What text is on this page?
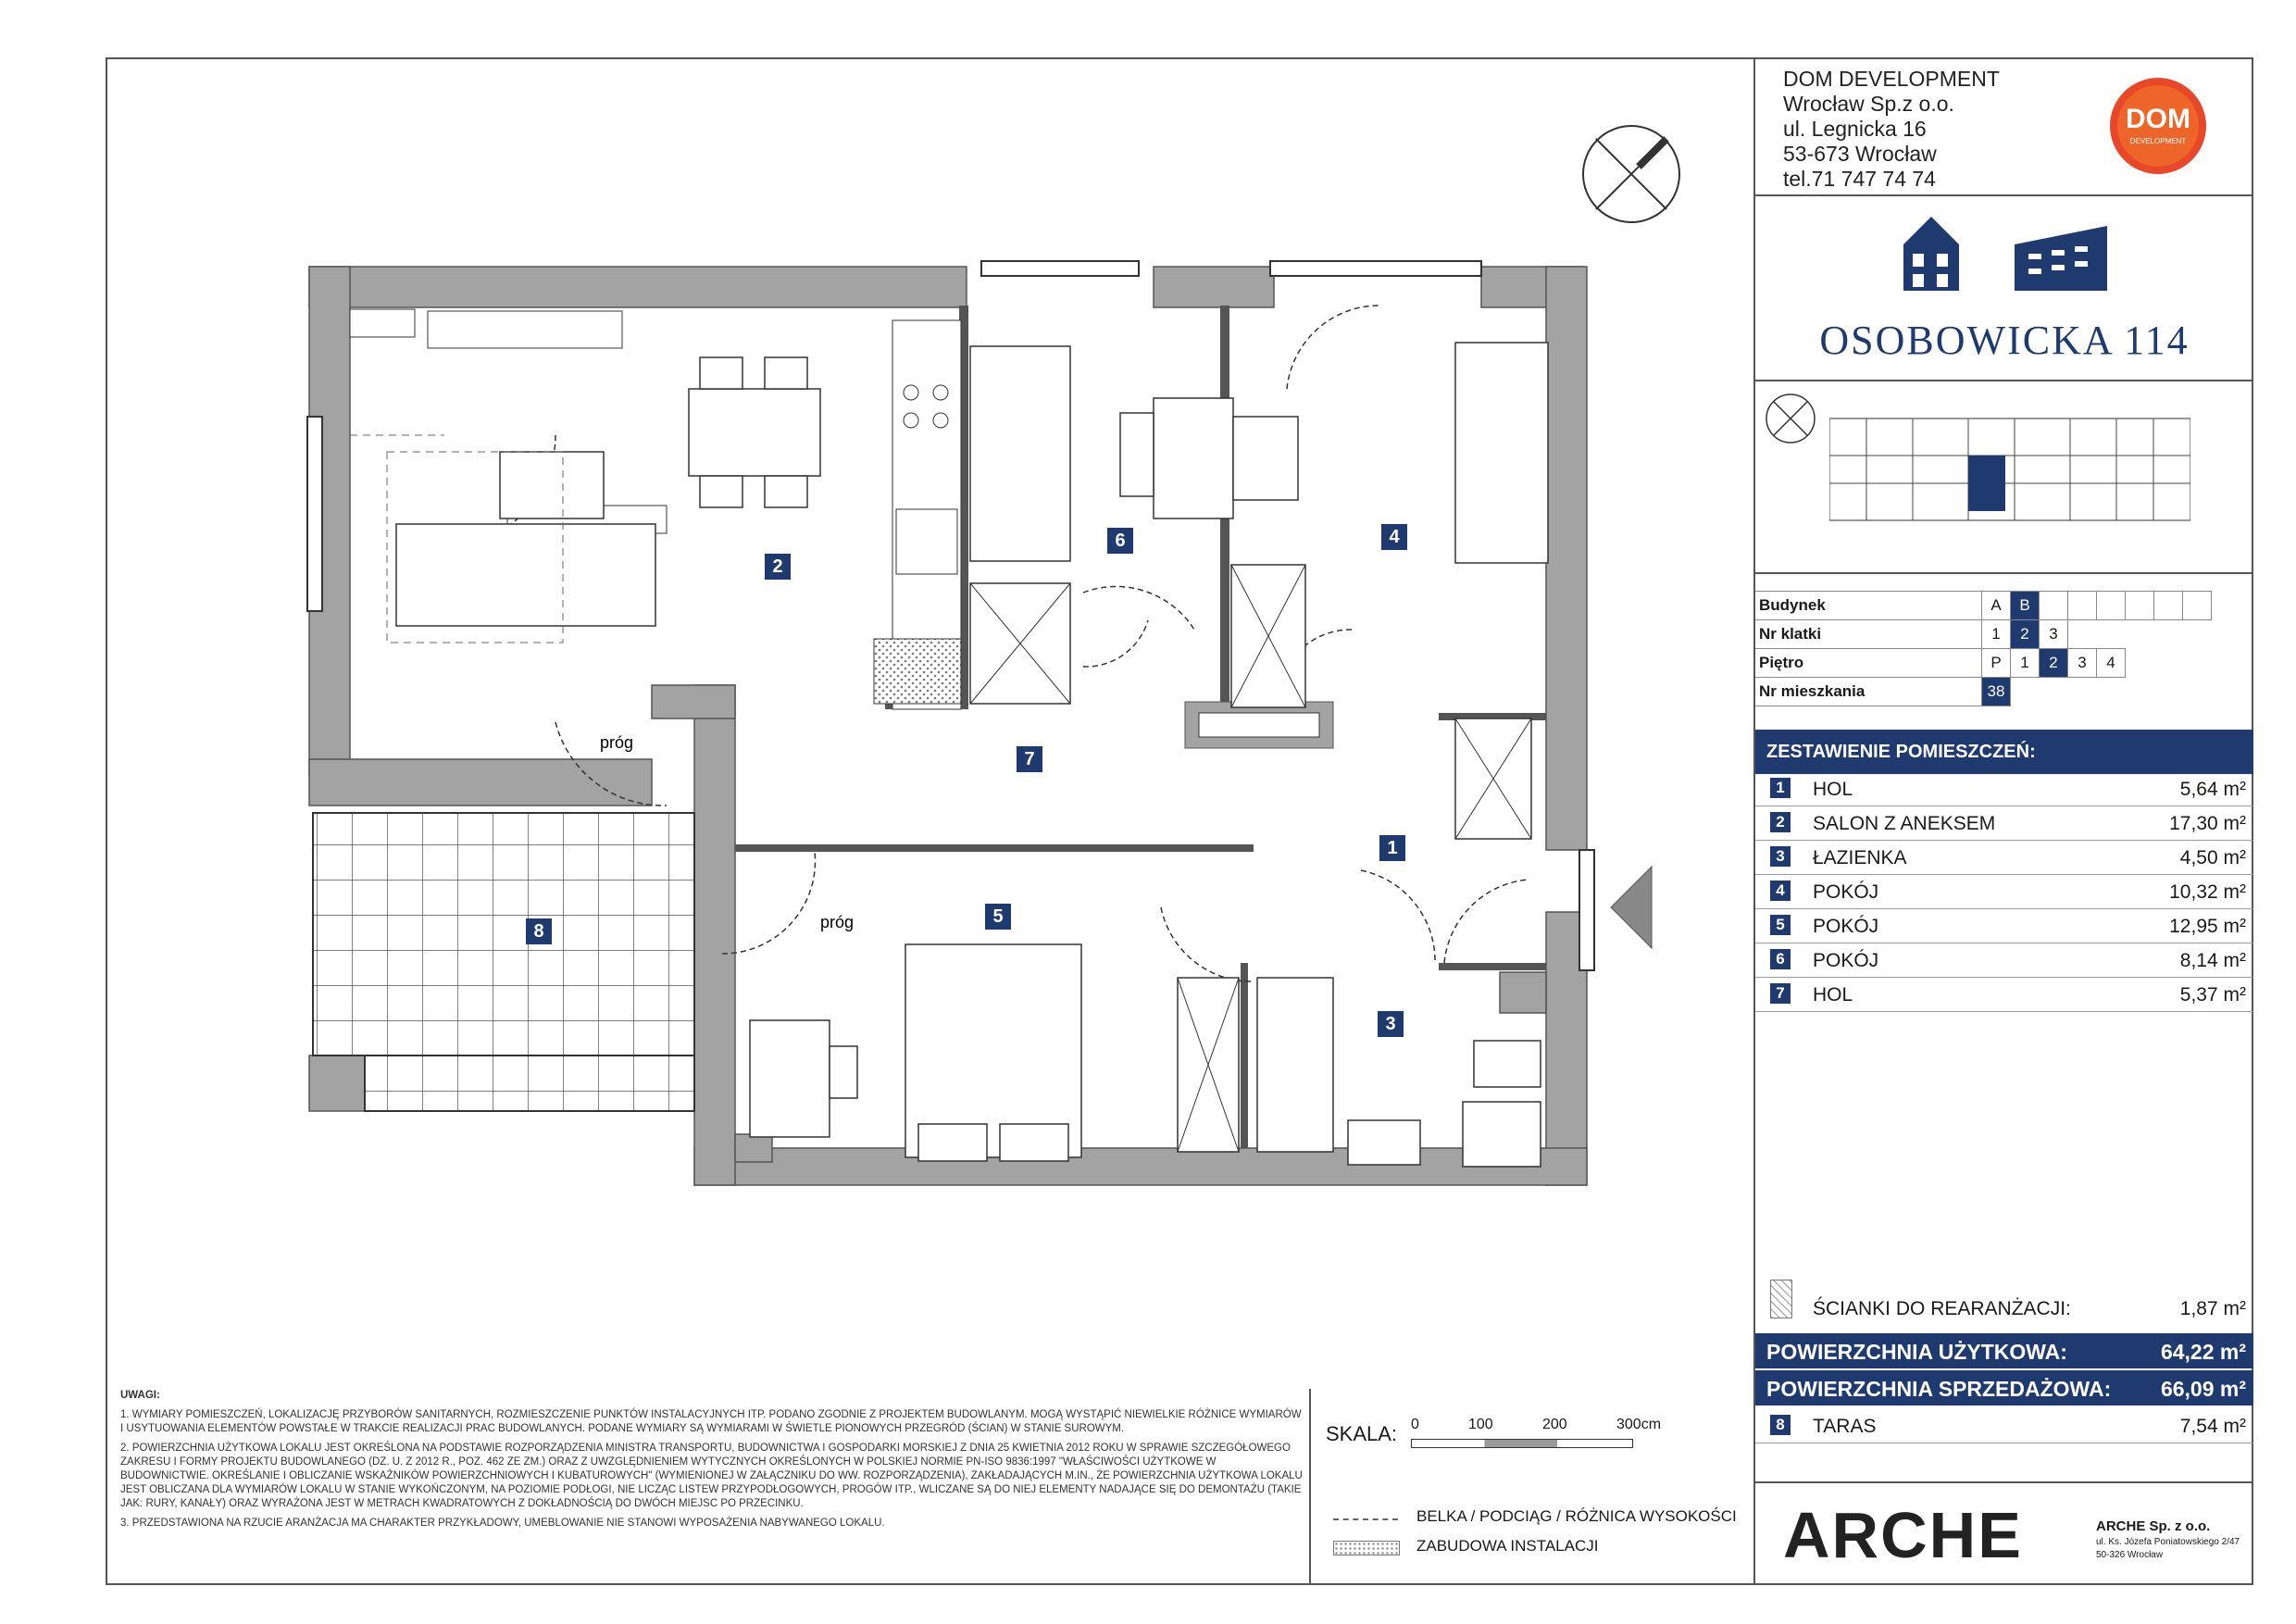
próg
próg
2
6	4
7
1
5
3
8

UWAGI:

1. WYMIARY POMIESZCZEŃ, LOKALIZACJĘ PRZYBORÓW SANITARNYCH, ROZMIESZCZENIE PUNKTÓW INSTALACYJNYCH ITP. PODANO ZGODNIE Z PROJEKTEM BUDOWLANYM. MOGĄ WYSTĄPIĆ NIEWIELKIE RÓŻNICE WYMIARÓW I USYTUOWANIA ELEMENTÓW POWSTAŁE W TRAKCIE REALIZACJI PRAC BUDOWLANYCH. PODANE WYMIARY SĄ WYMIARAMI W ŚWIETLE PIONOWYCH PRZEGRÓD (ŚCIAN) W STANIE SUROWYM.

2. POWIERZCHNIA UŻYTKOWA LOKALU JEST OKREŚLONA NA PODSTAWIE ROZPORZĄDZENIA MINISTRA TRANSPORTU, BUDOWNICTWA I GOSPODARKI MORSKIEJ Z DNIA 25 KWIETNIA 2012 ROKU W SPRAWIE SZCZEGÓŁOWEGO ZAKRESU I FORMY PROJEKTU BUDOWLANEGO (DZ. U. Z 2012 R., POZ. 462 ZE ZM.) ORAZ Z UWZGLĘDNIENIEM WYTYCZNYCH OKREŚLONYCH W POLSKIEJ NORMIE PN-ISO 9836:1997 "WŁAŚCIWOŚCI UŻYTKOWE W BUDOWNICTWIE. OKREŚLANIE I OBLICZANIE WSKAŹNIKÓW POWIERZCHNIOWYCH I KUBATUROWYCH" (WYMIENIONEJ W ZAŁĄCZNIKU DO WW. ROZPORZĄDZENIA), ZAKŁADAJĄCYCH M.IN., ŻE POWIERZCHNIA UŻYTKOWA LOKALU JEST OBLICZANA DLA WYMIARÓW LOKALU W STANIE WYKOŃCZONYM, NA POZIOMIE PODŁOGI, NIE LICZĄC LISTEW PRZYPODŁOGOWYCH, PROGÓW ITP., WLICZANE SĄ DO NIEJ ELEMENTY NADAJĄCE SIĘ DO DEMONTAŻU (TAKIE JAK: RURY, KANAŁY) ORAZ WYRAŻONA JEST W METRACH KWADRATOWYCH Z DOKŁADNOŚCIĄ DO DWÓCH MIEJSC PO PRZECINKU.

3. PRZEDSTAWIONA NA RZUCIE ARANŻACJA MA CHARAKTER PRZYKŁADOWY, UMEBLOWANIE NIE STANOWI WYPOSAŻENIA NABYWANEGO LOKALU.

SKALA: 0	100	200	300cm
BELKA / PODCIĄG / RÓŻNICA WYSOKOŚCI
ZABUDOWA INSTALACJI
DOM DEVELOPMENT
Wrocław Sp.z o.o.
ul. Legnicka 16
53-673 Wrocław
tel.71 747 74 74
DOM
DEVELOPMENT
OSOBOWICKA 114
Budynek	A	B							
Nr klatki	1	2	3						
Piętro	P	1	2	3	4				
Nr mieszkania	38								
ZESTAWIENIE POMIESZCZEŃ:
1 HOL	5,64 m²
2 SALON Z ANEKSEM	17,30 m²
3 ŁAZIENKA	4,50 m²
4 POKÓJ	10,32 m²
5 POKÓJ	12,95 m²
6 POKÓJ	8,14 m²
7 HOL	5,37 m²
ŚCIANKI DO REARANŻACJI:	1,87 m²
POWIERZCHNIA UŻYTKOWA:	64,22 m²
POWIERZCHNIA SPRZEDAŻOWA: 66,09 m²
8 TARAS	7,54 m²
ARCHE	ARCHE Sp. z o.o.
ul. Ks. Józefa Poniatowskiego 2/47
50-326 Wrocław
